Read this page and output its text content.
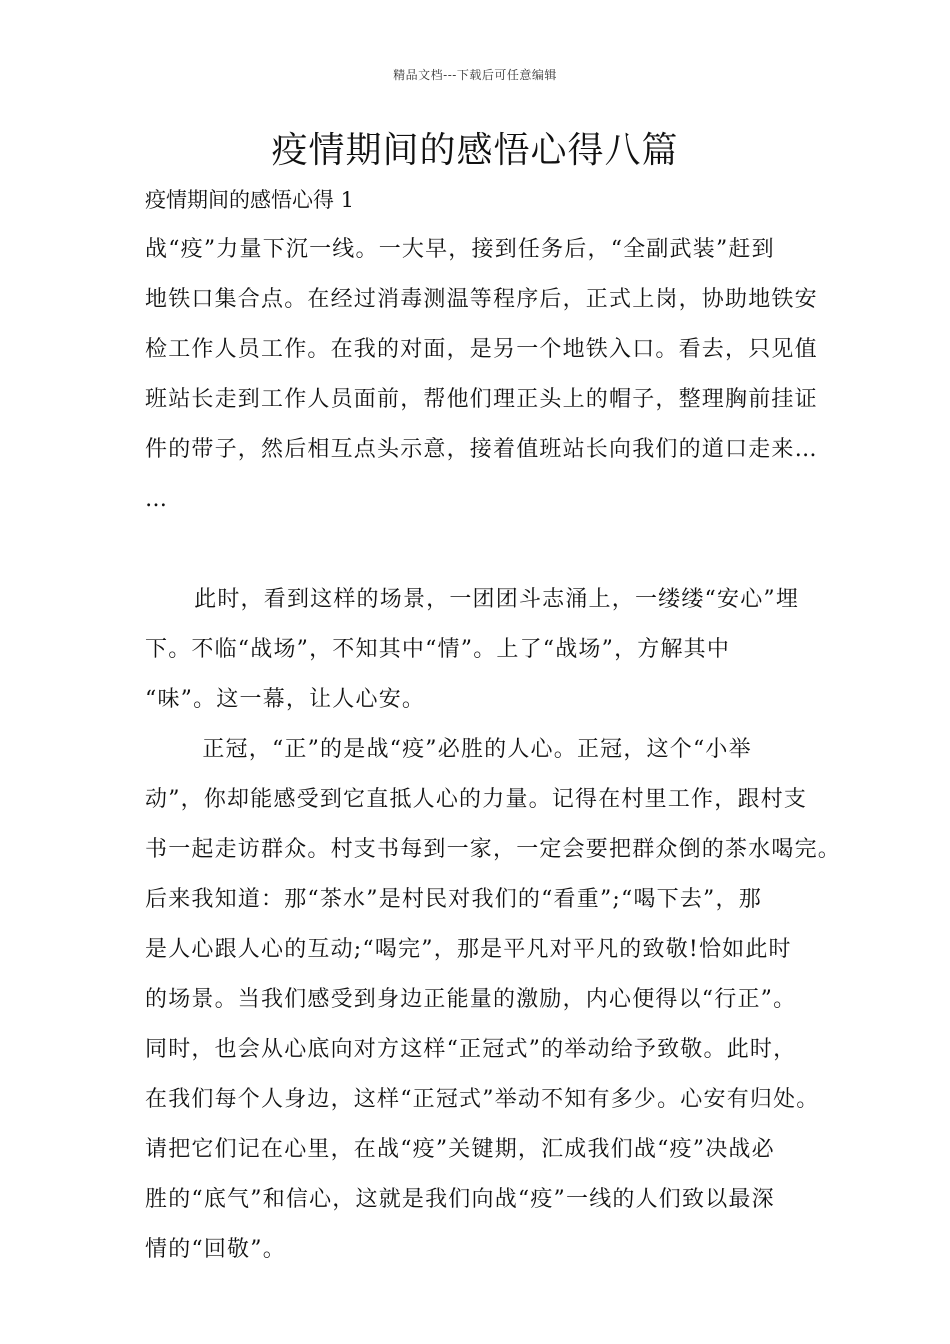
精品文档---下载后可任意编辑
疫情期间的感悟心得八篇

疫情期间的感悟心得 1

战“疫”力量下沉一线。一大早，接到任务后，“全副武装”赶到
地铁口集合点。在经过消毒测温等程序后，正式上岗，协助地铁安
检工作人员工作。在我的对面，是另一个地铁入口。看去，只见值
班站长走到工作人员面前，帮他们理正头上的帽子，整理胸前挂证
件的带子，然后相互点头示意，接着值班站长向我们的道口走来…
…
此时，看到这样的场景，一团团斗志涌上，一缕缕“安心”埋
下。不临“战场”，不知其中“情”。上了“战场”，方解其中
“味”。这一幕，让人心安。
正冠，“正”的是战“疫”必胜的人心。正冠，这个“小举
动”，你却能感受到它直抵人心的力量。记得在村里工作，跟村支
书一起走访群众。村支书每到一家，一定会要把群众倒的茶水喝完。
后来我知道：那“茶水”是村民对我们的“看重”;“喝下去”，那
是人心跟人心的互动;“喝完”，那是平凡对平凡的致敬!恰如此时
的场景。当我们感受到身边正能量的激励，内心便得以“行正”。
同时，也会从心底向对方这样“正冠式”的举动给予致敬。此时，
在我们每个人身边，这样“正冠式”举动不知有多少。心安有归处。
请把它们记在心里，在战“疫”关键期，汇成我们战“疫”决战必
胜的“底气”和信心，这就是我们向战“疫”一线的人们致以最深
情的“回敬”。
